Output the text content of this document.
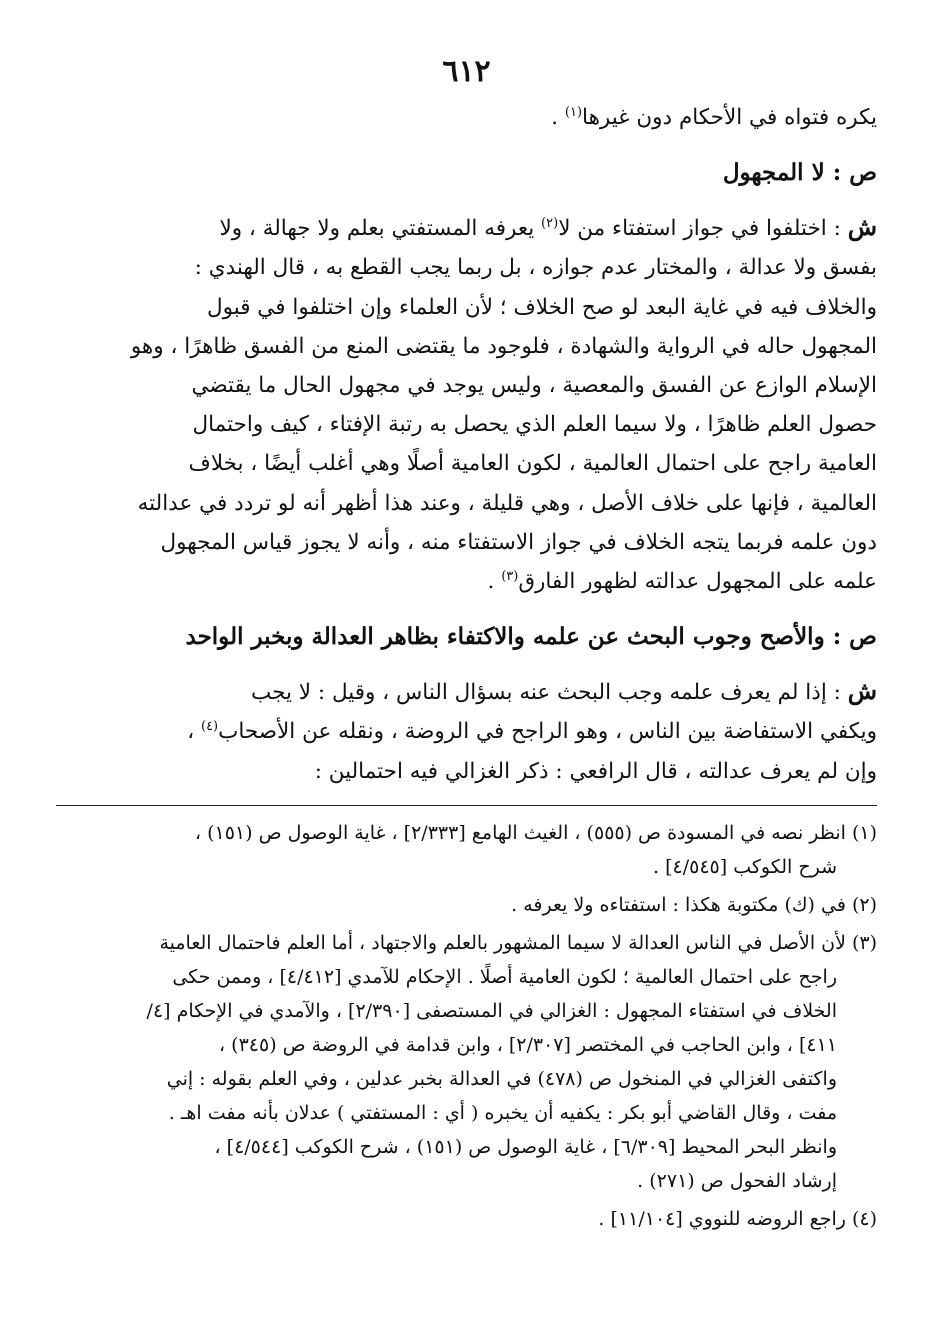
٦١٢
يكره فتواه في الأحكام دون غيرها$^{(١)}$ .
ص : لا المجهول
ش : اختلفوا في جواز استفتاء من لا$^{(٢)}$ يعرفه المستفتي بعلم ولا جهالة ، ولا
بفسق ولا عدالة ، والمختار عدم جوازه ، بل ربما يجب القطع به ، قال الهندي :
والخلاف فيه في غاية البعد لو صح الخلاف ؛ لأن العلماء وإن اختلفوا في قبول
المجهول حاله في الرواية والشهادة ، فلوجود ما يقتضى المنع من الفسق ظاهرًا ، وهو
الإسلام الوازع عن الفسق والمعصية ، وليس يوجد في مجهول الحال ما يقتضي
حصول العلم ظاهرًا ، ولا سيما العلم الذي يحصل به رتبة الإفتاء ، كيف واحتمال
العامية راجح على احتمال العالمية ، لكون العامية أصلًا وهي أغلب أيضًا ، بخلاف
العالمية ، فإنها على خلاف الأصل ، وهي قليلة ، وعند هذا أظهر أنه لو تردد في عدالته
دون علمه فربما يتجه الخلاف في جواز الاستفتاء منه ، وأنه لا يجوز قياس المجهول
علمه على المجهول عدالته لظهور الفارق$^{(٣)}$ .
ص : والأصح وجوب البحث عن علمه والاكتفاء بظاهر العدالة وبخبر الواحد
ش : إذا لم يعرف علمه وجب البحث عنه بسؤال الناس ، وقيل : لا يجب
ويكفي الاستفاضة بين الناس ، وهو الراجح في الروضة ، ونقله عن الأصحاب$^{(٤)}$ ،
وإن لم يعرف عدالته ، قال الرافعي : ذكر الغزالي فيه احتمالين :
(١)انظر نصه في المسودة ص (٥٥٥) ، الغيث الهامع [٢/٣٣٣] ، غاية الوصول ص (١٥١) ،
شرح الكوكب [٤/٥٤٥] .
(٢)في (ك) مكتوبة هكذا : استفتاءه ولا يعرفه .
(٣)لأن الأصل في الناس العدالة لا سيما المشهور بالعلم والاجتهاد ، أما العلم فاحتمال العامية
راجح على احتمال العالمية ؛ لكون العامية أصلًا . الإحكام للآمدي [٤/٤١٢] ، وممن حكى
الخلاف في استفتاء المجهول : الغزالي في المستصفى [٢/٣٩٠] ، والآمدي في الإحكام [٤/
٤١١] ، وابن الحاجب في المختصر [٢/٣٠٧] ، وابن قدامة في الروضة ص (٣٤٥) ،
واكتفى الغزالي في المنخول ص (٤٧٨) في العدالة بخبر عدلين ، وفي العلم بقوله : إني
مفت ، وقال القاضي أبو بكر : يكفيه أن يخبره ( أي : المستفتي ) عدلان بأنه مفت اهـ .
وانظر البحر المحيط [٦/٣٠٩] ، غاية الوصول ص (١٥١) ، شرح الكوكب [٤/٥٤٤] ،
إرشاد الفحول ص (٢٧١) .
(٤)راجع الروضه للنووي [١١/١٠٤] .
